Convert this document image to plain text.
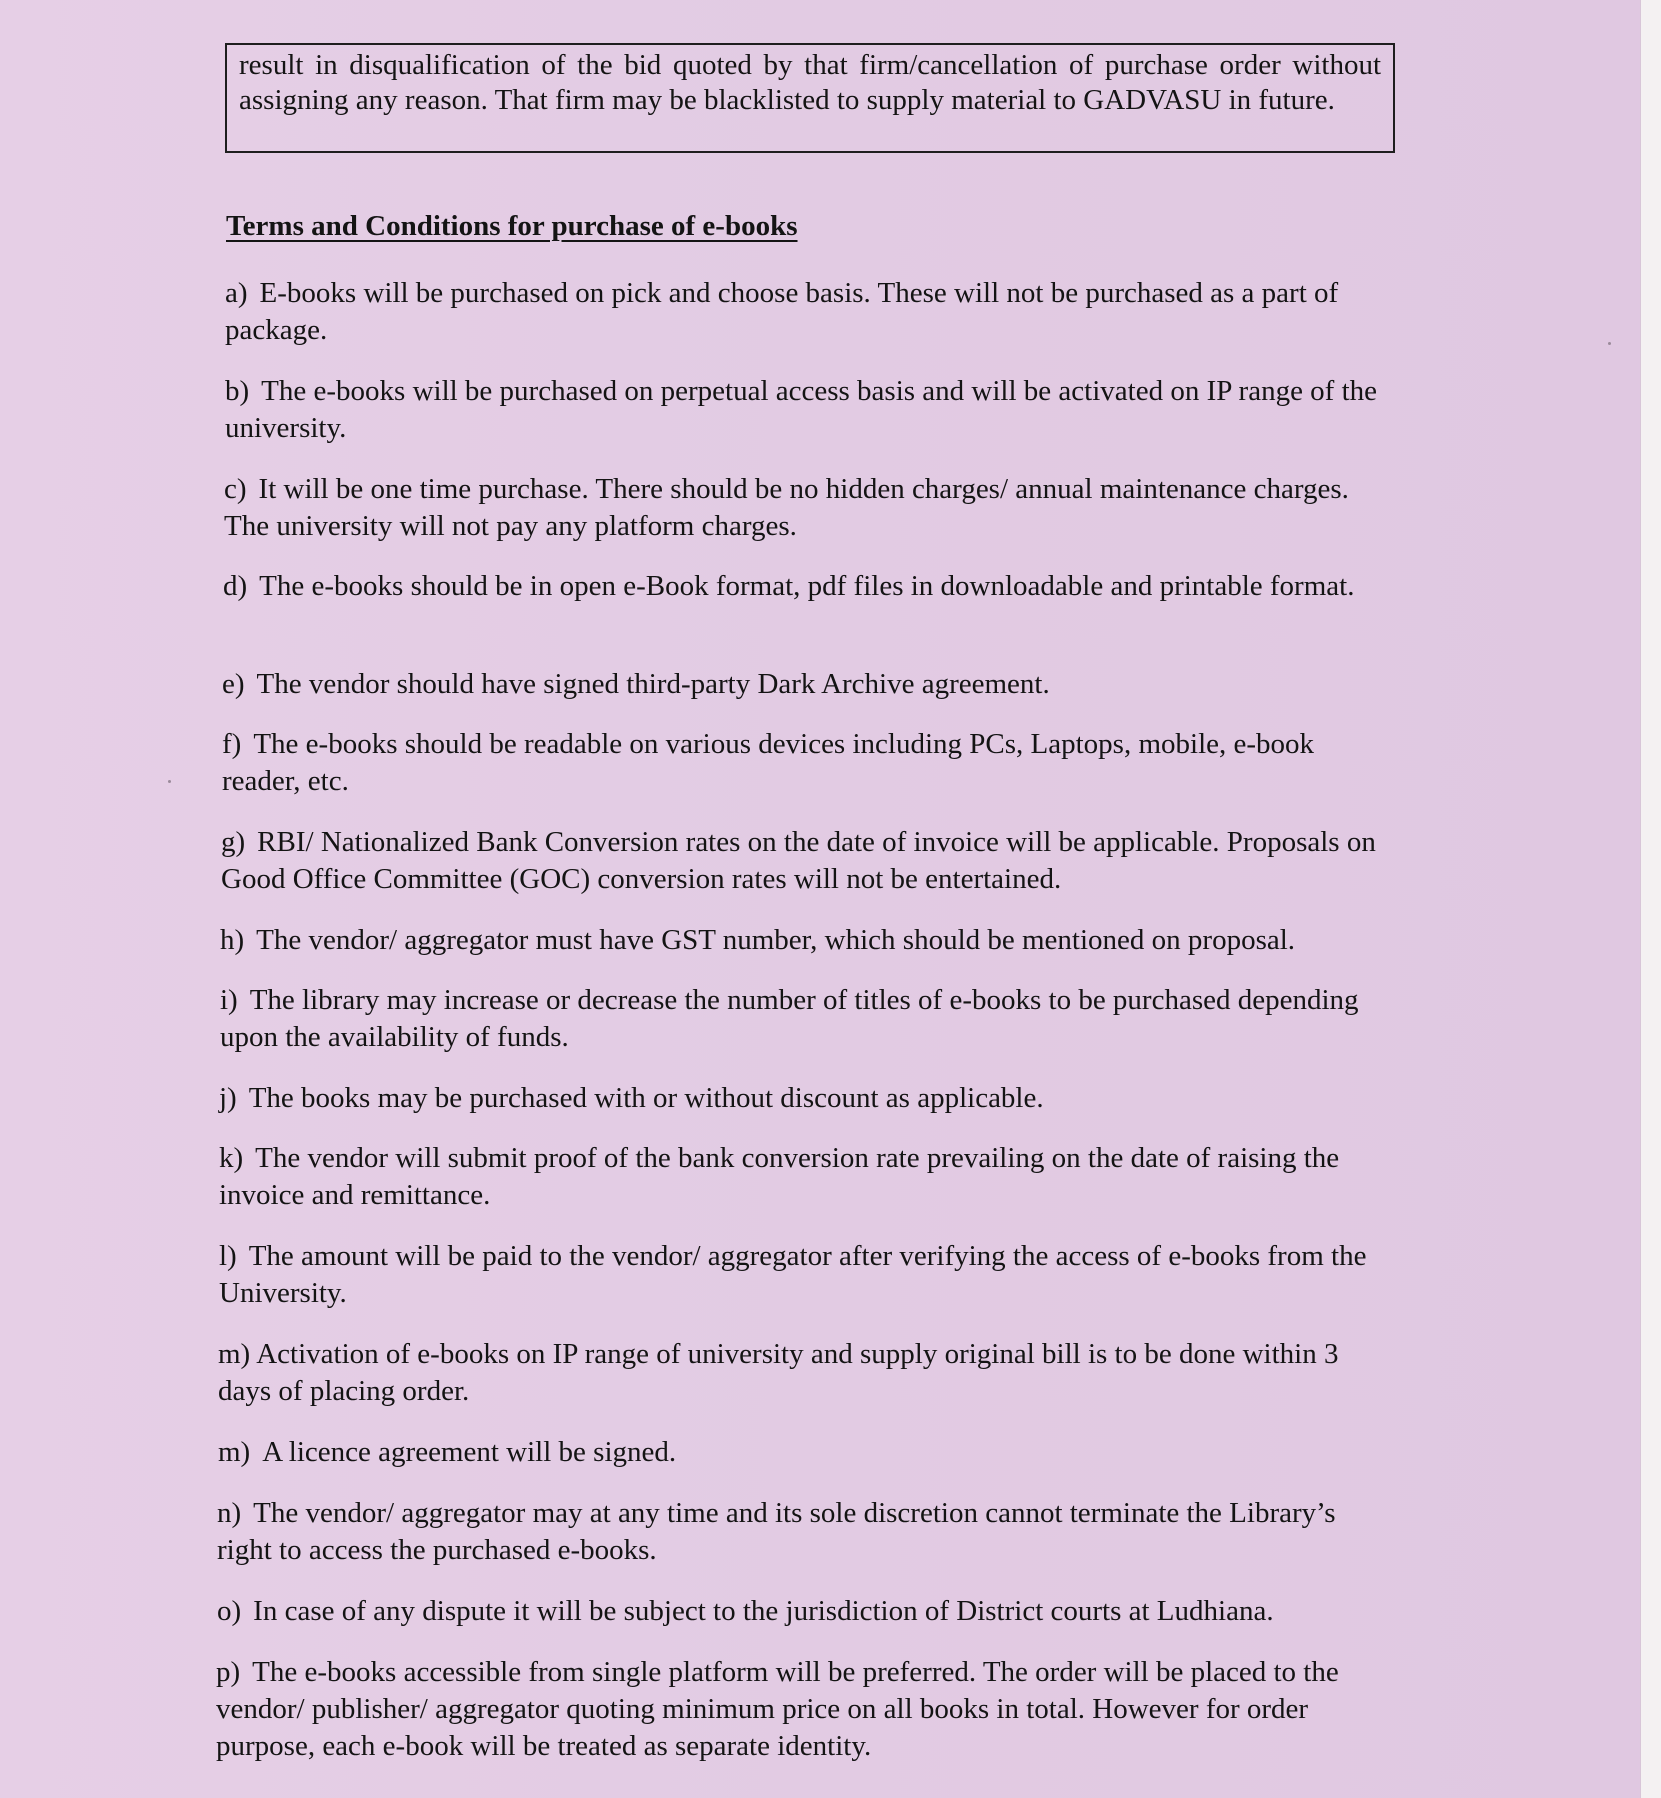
result in disqualification of the bid quoted by that firm/cancellation of purchase order without assigning any reason. That firm may be blacklisted to supply material to GADVASU in future.
Terms and Conditions for purchase of e-books
a) E-books will be purchased on pick and choose basis. These will not be purchased as a part of package.
b) The e-books will be purchased on perpetual access basis and will be activated on IP range of the university.
c) It will be one time purchase. There should be no hidden charges/ annual maintenance charges. The university will not pay any platform charges.
d) The e-books should be in open e-Book format, pdf files in downloadable and printable format.
e) The vendor should have signed third-party Dark Archive agreement.
f) The e-books should be readable on various devices including PCs, Laptops, mobile, e-book reader, etc.
g) RBI/ Nationalized Bank Conversion rates on the date of invoice will be applicable. Proposals on Good Office Committee (GOC) conversion rates will not be entertained.
h) The vendor/ aggregator must have GST number, which should be mentioned on proposal.
i) The library may increase or decrease the number of titles of e-books to be purchased depending upon the availability of funds.
j) The books may be purchased with or without discount as applicable.
k) The vendor will submit proof of the bank conversion rate prevailing on the date of raising the invoice and remittance.
l) The amount will be paid to the vendor/ aggregator after verifying the access of e-books from the University.
m) Activation of e-books on IP range of university and supply original bill is to be done within 3 days of placing order.
m) A licence agreement will be signed.
n) The vendor/ aggregator may at any time and its sole discretion cannot terminate the Library’s right to access the purchased e-books.
o) In case of any dispute it will be subject to the jurisdiction of District courts at Ludhiana.
p) The e-books accessible from single platform will be preferred. The order will be placed to the vendor/ publisher/ aggregator quoting minimum price on all books in total. However for order purpose, each e-book will be treated as separate identity.
